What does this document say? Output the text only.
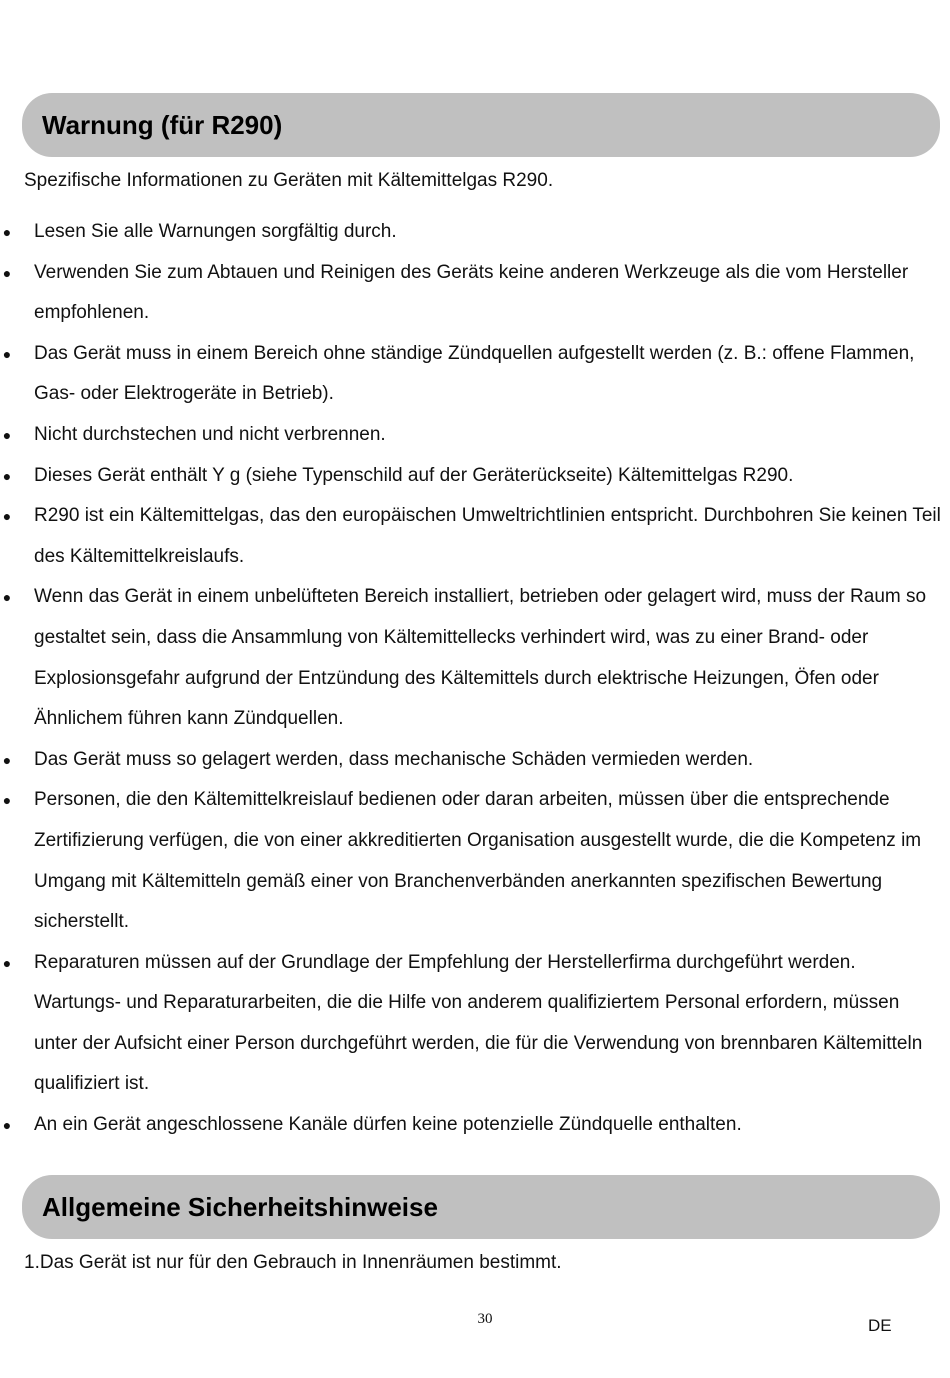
Warnung (für R290)
Spezifische Informationen zu Geräten mit Kältemittelgas R290.
● Lesen Sie alle Warnungen sorgfältig durch.
● Verwenden Sie zum Abtauen und Reinigen des Geräts keine anderen Werkzeuge als die vom Hersteller empfohlenen.
● Das Gerät muss in einem Bereich ohne ständige Zündquellen aufgestellt werden (z. B.: offene Flammen, Gas- oder Elektrogeräte in Betrieb).
● Nicht durchstechen und nicht verbrennen.
● Dieses Gerät enthält Y g (siehe Typenschild auf der Geräterückseite) Kältemittelgas R290.
● R290 ist ein Kältemittelgas, das den europäischen Umweltrichtlinien entspricht. Durchbohren Sie keinen Teil des Kältemittelkreislaufs.
● Wenn das Gerät in einem unbelüfteten Bereich installiert, betrieben oder gelagert wird, muss der Raum so gestaltet sein, dass die Ansammlung von Kältemittellecks verhindert wird, was zu einer Brand- oder Explosionsgefahr aufgrund der Entzündung des Kältemittels durch elektrische Heizungen, Öfen oder Ähnlichem führen kann Zündquellen.
● Das Gerät muss so gelagert werden, dass mechanische Schäden vermieden werden.
● Personen, die den Kältemittelkreislauf bedienen oder daran arbeiten, müssen über die entsprechende Zertifizierung verfügen, die von einer akkreditierten Organisation ausgestellt wurde, die die Kompetenz im Umgang mit Kältemitteln gemäß einer von Branchenverbänden anerkannten spezifischen Bewertung sicherstellt.
● Reparaturen müssen auf der Grundlage der Empfehlung der Herstellerfirma durchgeführt werden. Wartungs- und Reparaturarbeiten, die die Hilfe von anderem qualifiziertem Personal erfordern, müssen unter der Aufsicht einer Person durchgeführt werden, die für die Verwendung von brennbaren Kältemitteln qualifiziert ist.
● An ein Gerät angeschlossene Kanäle dürfen keine potenzielle Zündquelle enthalten.
Allgemeine Sicherheitshinweise
1.Das Gerät ist nur für den Gebrauch in Innenräumen bestimmt.
30	DE
